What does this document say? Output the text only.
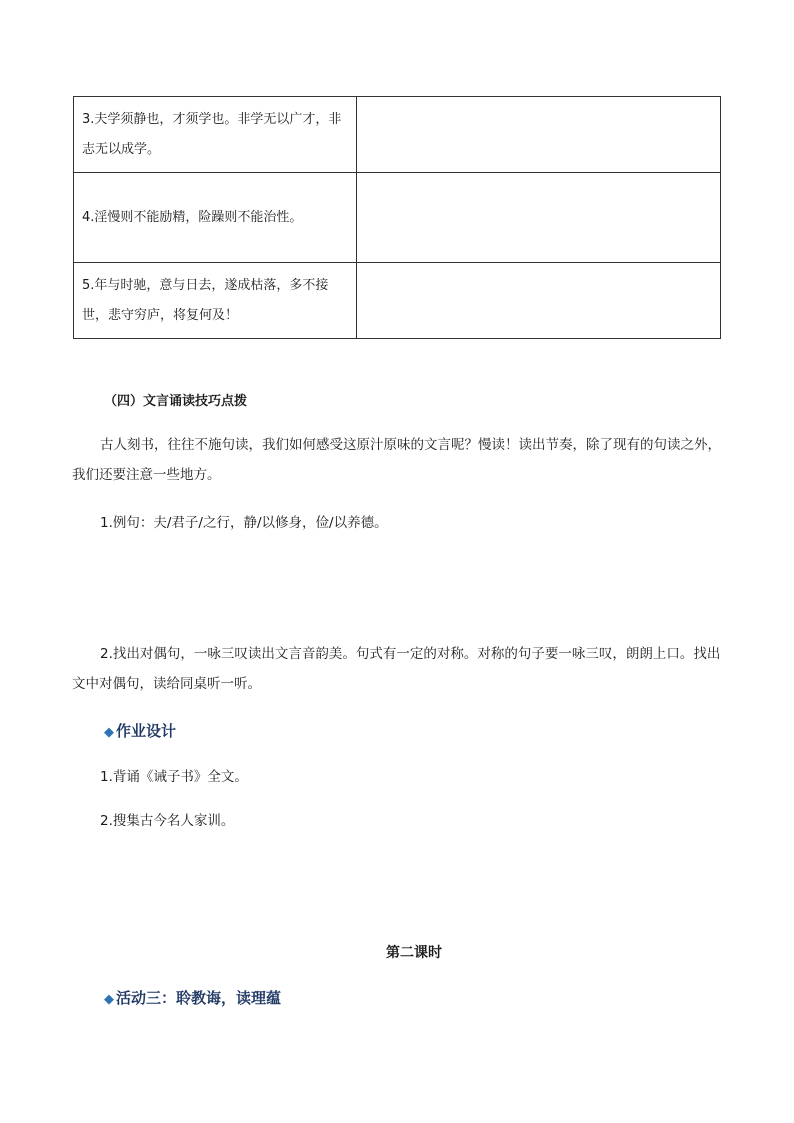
3.夫学须静也，才须学也。非学无以广才，非志无以成学。	
4.淫慢则不能励精，险躁则不能治性。	
5.年与时驰，意与日去，遂成枯落，多不接世，悲守穷庐，将复何及！	
（四）文言诵读技巧点拨
古人刻书，往往不施句读，我们如何感受这原汁原味的文言呢？慢读！读出节奏，除了现有的句读之外，我们还要注意一些地方。
1.例句：夫/君子/之行，静/以修身，俭/以养德。
2.找出对偶句，一咏三叹读出文言音韵美。句式有一定的对称。对称的句子要一咏三叹，朗朗上口。找出文中对偶句，读给同桌听一听。
◆ 作业设计
1.背诵《诫子书》全文。
2.搜集古今名人家训。
第二课时
◆ 活动三：聆教诲，读理蕴
